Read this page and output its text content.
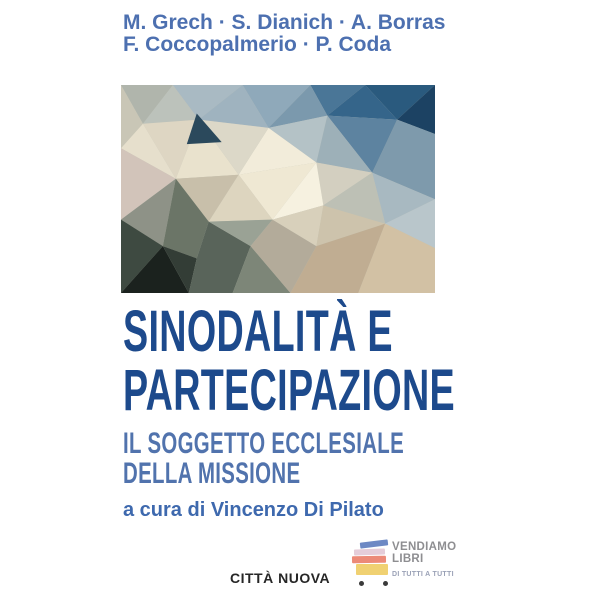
M. Grech · S. Dianich · A. Borras
F. Coccopalmerio · P. Coda
SINODALITÀ E
PARTECIPAZIONE
IL SOGGETTO ECCLESIALE
DELLA MISSIONE
a cura di Vincenzo Di Pilato
CITTÀ NUOVA
VENDIAMO
LIBRI
DI TUTTI A TUTTI
